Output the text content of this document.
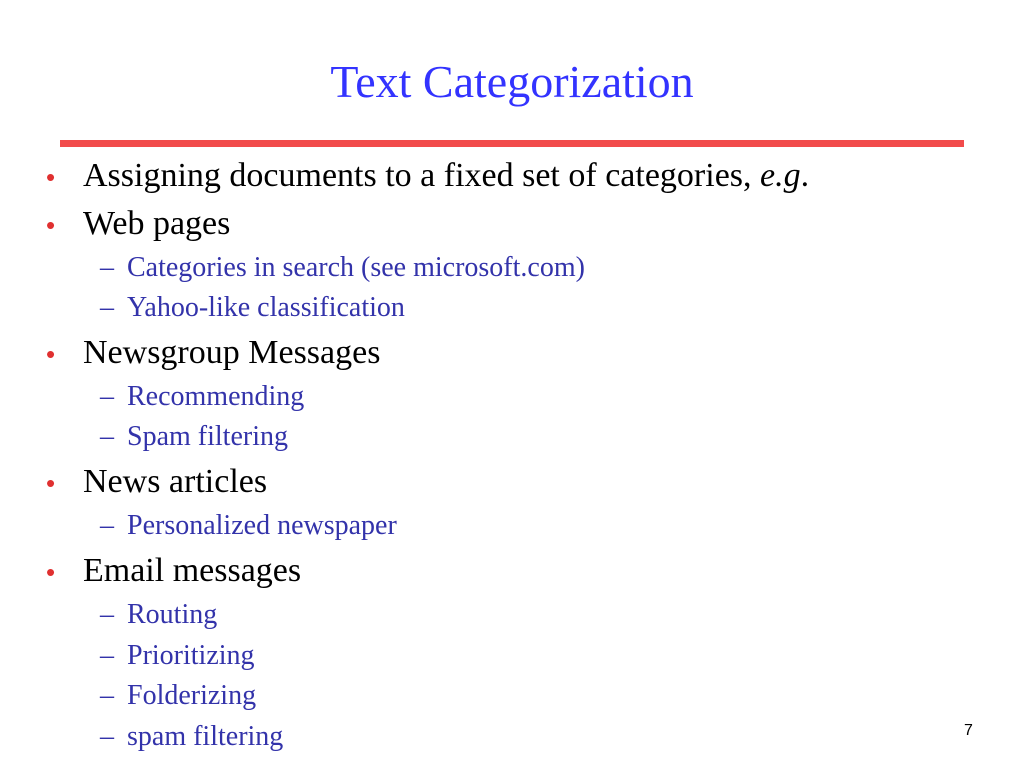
Text Categorization
• Assigning documents to a fixed set of categories, e.g.
• Web pages
– Categories in search (see microsoft.com)
– Yahoo-like classification
• Newsgroup Messages
– Recommending
– Spam filtering
• News articles
– Personalized newspaper
• Email messages
– Routing
– Prioritizing
– Folderizing
– spam filtering	7
